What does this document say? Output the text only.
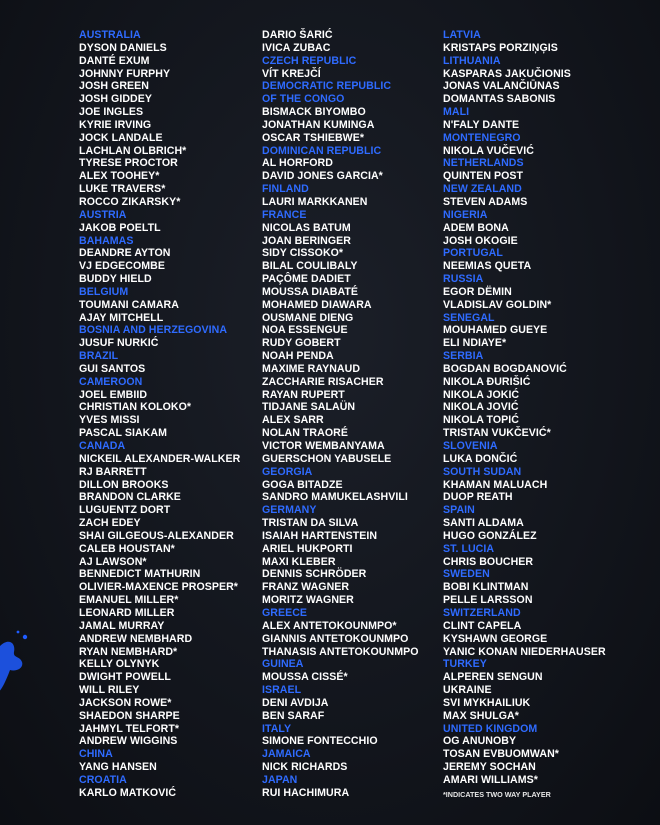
AUSTRALIA
DYSON DANIELS
DANTÉ EXUM
JOHNNY FURPHY
JOSH GREEN
JOSH GIDDEY
JOE INGLES
KYRIE IRVING
JOCK LANDALE
LACHLAN OLBRICH*
TYRESE PROCTOR
ALEX TOOHEY*
LUKE TRAVERS*
ROCCO ZIKARSKY*
AUSTRIA
JAKOB POELTL
BAHAMAS
DEANDRE AYTON
VJ EDGECOMBE
BUDDY HIELD
BELGIUM
TOUMANI CAMARA
AJAY MITCHELL
BOSNIA AND HERZEGOVINA
JUSUF NURKIĆ
BRAZIL
GUI SANTOS
CAMEROON
JOEL EMBIID
CHRISTIAN KOLOKO*
YVES MISSI
PASCAL SIAKAM
CANADA
NICKEIL ALEXANDER-WALKER
RJ BARRETT
DILLON BROOKS
BRANDON CLARKE
LUGUENTZ DORT
ZACH EDEY
SHAI GILGEOUS-ALEXANDER
CALEB HOUSTAN*
AJ LAWSON*
BENNEDICT MATHURIN
OLIVIER-MAXENCE PROSPER*
EMANUEL MILLER*
LEONARD MILLER
JAMAL MURRAY
ANDREW NEMBHARD
RYAN NEMBHARD*
KELLY OLYNYK
DWIGHT POWELL
WILL RILEY
JACKSON ROWE*
SHAEDON SHARPE
JAHMYL TELFORT*
ANDREW WIGGINS
CHINA
YANG HANSEN
CROATIA
KARLO MATKOVIĆ
DARIO ŠARIĆ
IVICA ZUBAC
CZECH REPUBLIC
VÍT KREJČÍ
DEMOCRATIC REPUBLIC
OF THE CONGO
BISMACK BIYOMBO
JONATHAN KUMINGA
OSCAR TSHIEBWE*
DOMINICAN REPUBLIC
AL HORFORD
DAVID JONES GARCIA*
FINLAND
LAURI MARKKANEN
FRANCE
NICOLAS BATUM
JOAN BERINGER
SIDY CISSOKO*
BILAL COULIBALY
PAÇÔME DADIET
MOUSSA DIABATÉ
MOHAMED DIAWARA
OUSMANE DIENG
NOA ESSENGUE
RUDY GOBERT
NOAH PENDA
MAXIME RAYNAUD
ZACCHARIE RISACHER
RAYAN RUPERT
TIDJANE SALAÜN
ALEX SARR
NOLAN TRAORÉ
VICTOR WEMBANYAMA
GUERSCHON YABUSELE
GEORGIA
GOGA BITADZE
SANDRO MAMUKELASHVILI
GERMANY
TRISTAN DA SILVA
ISAIAH HARTENSTEIN
ARIEL HUKPORTI
MAXI KLEBER
DENNIS SCHRÖDER
FRANZ WAGNER
MORITZ WAGNER
GREECE
ALEX ANTETOKOUNMPO*
GIANNIS ANTETOKOUNMPO
THANASIS ANTETOKOUNMPO
GUINEA
MOUSSA CISSÉ*
ISRAEL
DENI AVDIJA
BEN SARAF
ITALY
SIMONE FONTECCHIO
JAMAICA
NICK RICHARDS
JAPAN
RUI HACHIMURA
LATVIA
KRISTAPS PORZIŅĢIS
LITHUANIA
KASPARAS JAKUČIONIS
JONAS VALANČIŪNAS
DOMANTAS SABONIS
MALI
N'FALY DANTE
MONTENEGRO
NIKOLA VUČEVIĆ
NETHERLANDS
QUINTEN POST
NEW ZEALAND
STEVEN ADAMS
NIGERIA
ADEM BONA
JOSH OKOGIE
PORTUGAL
NEEMIAS QUETA
RUSSIA
EGOR DËMIN
VLADISLAV GOLDIN*
SENEGAL
MOUHAMED GUEYE
ELI NDIAYE*
SERBIA
BOGDAN BOGDANOVIĆ
NIKOLA ĐURIŠIĆ
NIKOLA JOKIĆ
NIKOLA JOVIĆ
NIKOLA TOPIĆ
TRISTAN VUKČEVIĆ*
SLOVENIA
LUKA DONČIĆ
SOUTH SUDAN
KHAMAN MALUACH
DUOP REATH
SPAIN
SANTI ALDAMA
HUGO GONZÁLEZ
ST. LUCIA
CHRIS BOUCHER
SWEDEN
BOBI KLINTMAN
PELLE LARSSON
SWITZERLAND
CLINT CAPELA
KYSHAWN GEORGE
YANIC KONAN NIEDERHAUSER
TURKEY
ALPEREN SENGUN
UKRAINE
SVI MYKHAILIUK
MAX SHULGA*
UNITED KINGDOM
OG ANUNOBY
TOSAN EVBUOMWAN*
JEREMY SOCHAN
AMARI WILLIAMS*
*INDICATES TWO WAY PLAYER
